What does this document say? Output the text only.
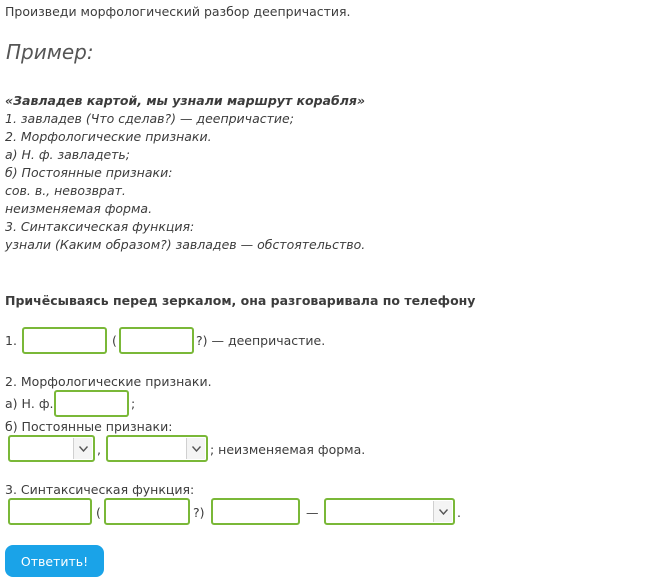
Произведи морфологический разбор деепричастия.
Пример:
«Завладев картой, мы узнали маршрут корабля»
1. завладев (Что сделав?) — деепричастие;
2. Морфологические признаки.
а) Н. ф. завладеть;
б) Постоянные признаки:
сов. в., невозврат.
неизменяемая форма.
3. Синтаксическая функция:
узнали (Каким образом?) завладев — обстоятельство.
Причёсываясь перед зеркалом, она разговаривала по телефону
1.	(	?) — деепричастие.
2. Морфологические признаки.
а) Н. ф.	;
б) Постоянные признаки:
,	; неизменяемая форма.
3. Синтаксическая функция:
(	?)	—	.
Ответить!
